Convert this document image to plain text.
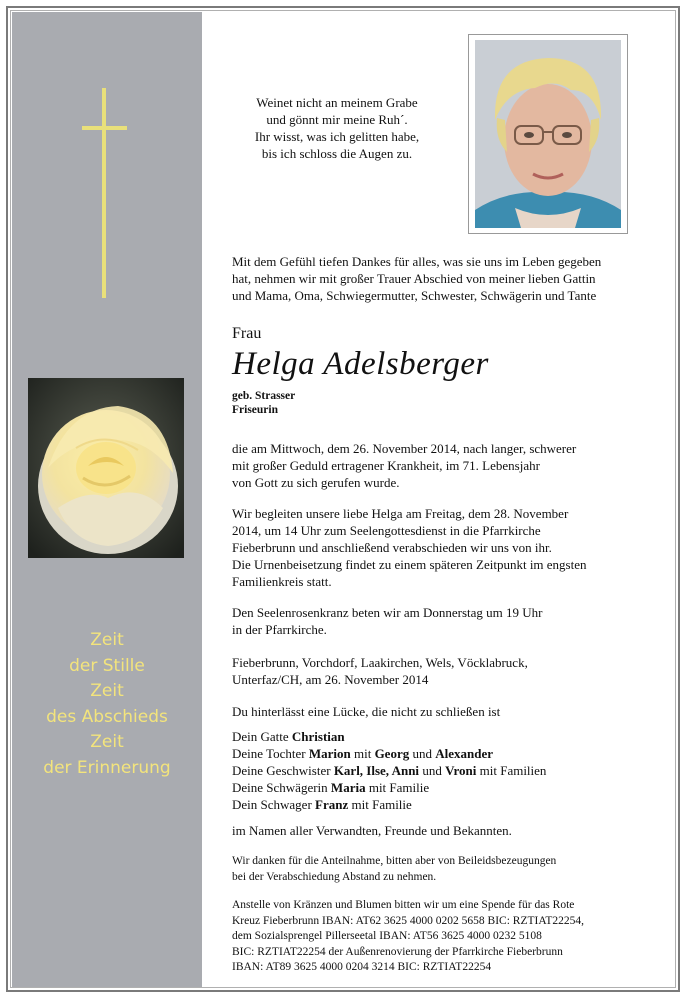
Zeit
der Stille
Zeit
des Abschieds
Zeit
der Erinnerung
Weinet nicht an meinem Grabe
und gönnt mir meine Ruh´.
Ihr wisst, was ich gelitten habe,
bis ich schloss die Augen zu.
Mit dem Gefühl tiefen Dankes für alles, was sie uns im Leben gegeben
hat, nehmen wir mit großer Trauer Abschied von meiner lieben Gattin
und Mama, Oma, Schwiegermutter, Schwester, Schwägerin und Tante
Frau
Helga Adelsberger
geb. Strasser
Friseurin
die am Mittwoch, dem 26. November 2014, nach langer, schwerer
mit großer Geduld ertragener Krankheit, im 71. Lebensjahr
von Gott zu sich gerufen wurde.
Wir begleiten unsere liebe Helga am Freitag, dem 28. November
2014, um 14 Uhr zum Seelengottesdienst in die Pfarrkirche
Fieberbrunn und anschließend verabschieden wir uns von ihr.
Die Urnenbeisetzung findet zu einem späteren Zeitpunkt im engsten
Familienkreis statt.
Den Seelenrosenkranz beten wir am Donnerstag um 19 Uhr
in der Pfarrkirche.
Fieberbrunn, Vorchdorf, Laakirchen, Wels, Vöcklabruck,
Unterfaz/CH, am 26. November 2014
Du hinterlässt eine Lücke, die nicht zu schließen ist
Dein Gatte Christian
Deine Tochter Marion mit Georg und Alexander
Deine Geschwister Karl, Ilse, Anni und Vroni mit Familien
Deine Schwägerin Maria mit Familie
Dein Schwager Franz mit Familie
im Namen aller Verwandten, Freunde und Bekannten.
Wir danken für die Anteilnahme, bitten aber von Beileidsbezeugungen
bei der Verabschiedung Abstand zu nehmen.
Anstelle von Kränzen und Blumen bitten wir um eine Spende für das Rote
Kreuz Fieberbrunn IBAN: AT62 3625 4000 0202 5658 BIC: RZTIAT22254,
dem Sozialsprengel Pillerseetal IBAN: AT56 3625 4000 0232 5108
BIC: RZTIAT22254 der Außenrenovierung der Pfarrkirche Fieberbrunn
IBAN: AT89 3625 4000 0204 3214 BIC: RZTIAT22254
